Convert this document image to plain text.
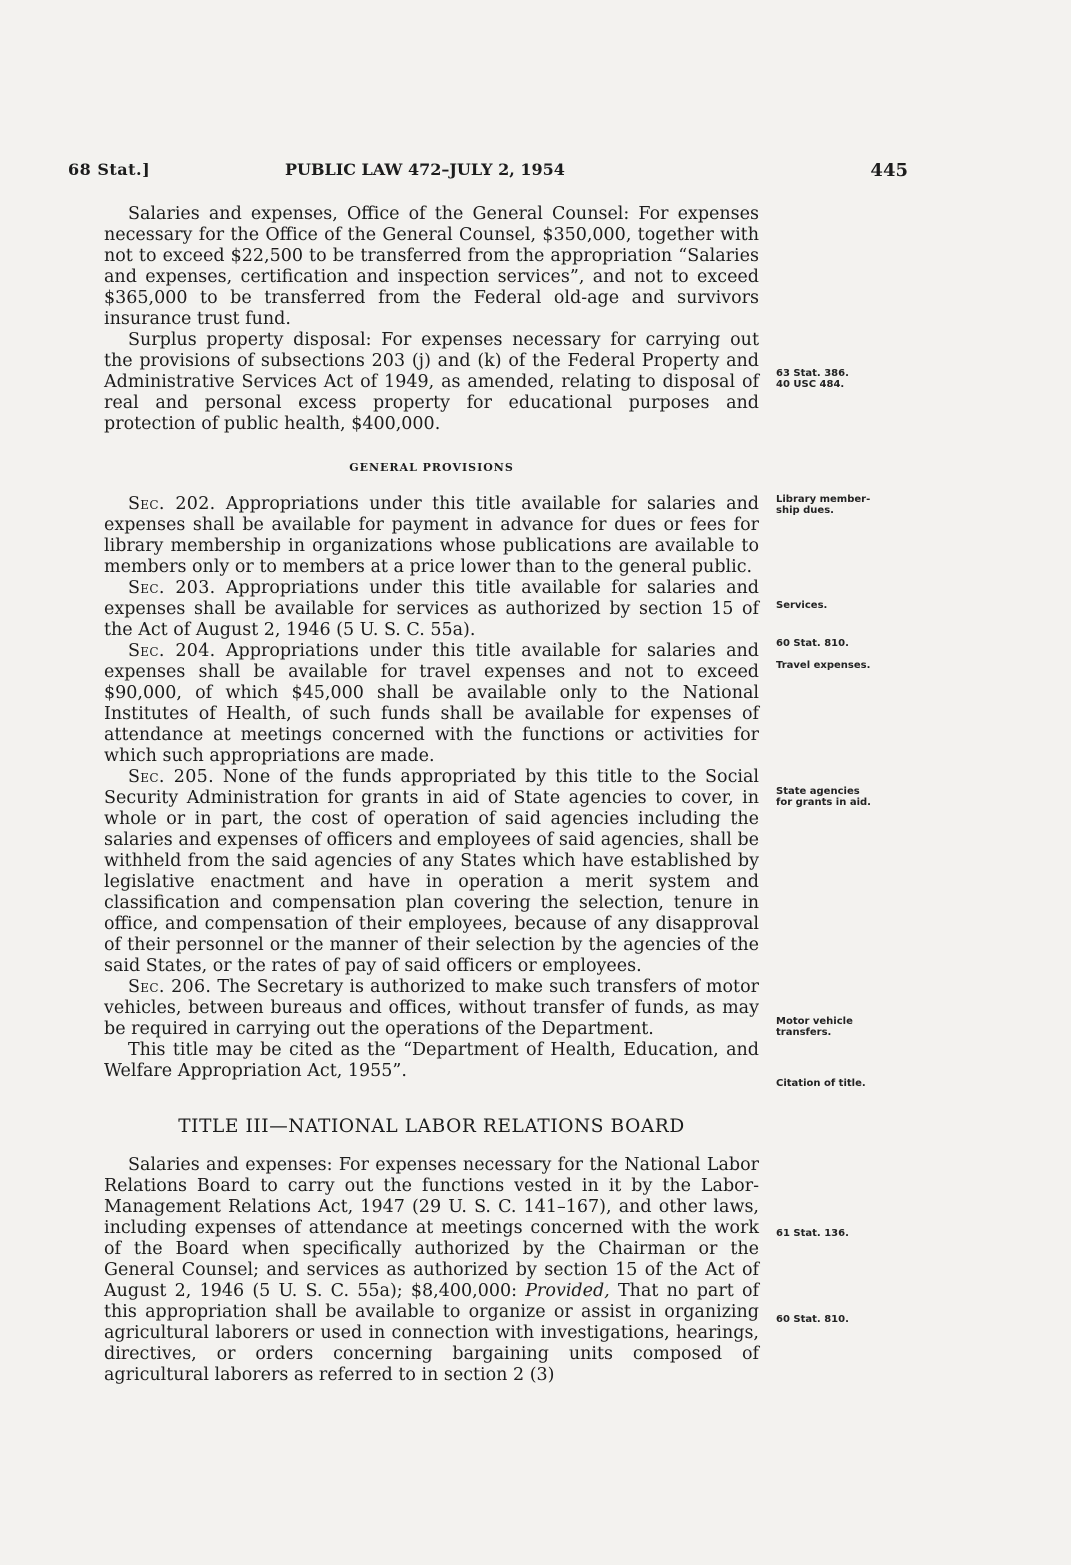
68 Stat.]	PUBLIC LAW 472–JULY 2, 1954	445

Salaries and expenses, Office of the General Counsel: For expenses necessary for the Office of the General Counsel, $350,000, together with not to exceed $22,500 to be transferred from the appropriation “Salaries and expenses, certification and inspection services”, and not to exceed $365,000 to be transferred from the Federal old-age and survivors insurance trust fund.

Surplus property disposal: For expenses necessary for carrying out the provisions of subsections 203 (j) and (k) of the Federal Property and Administrative Services Act of 1949, as amended, relating to disposal of real and personal excess property for educational purposes and protection of public health, $400,000.

GENERAL PROVISIONS

Sec. 202. Appropriations under this title available for salaries and expenses shall be available for payment in advance for dues or fees for library membership in organizations whose publications are available to members only or to members at a price lower than to the general public.

Sec. 203. Appropriations under this title available for salaries and expenses shall be available for services as authorized by section 15 of the Act of August 2, 1946 (5 U. S. C. 55a).

Sec. 204. Appropriations under this title available for salaries and expenses shall be available for travel expenses and not to exceed $90,000, of which $45,000 shall be available only to the National Institutes of Health, of such funds shall be available for expenses of attendance at meetings concerned with the functions or activities for which such appropriations are made.

Sec. 205. None of the funds appropriated by this title to the Social Security Administration for grants in aid of State agencies to cover, in whole or in part, the cost of operation of said agencies including the salaries and expenses of officers and employees of said agencies, shall be withheld from the said agencies of any States which have established by legislative enactment and have in operation a merit system and classification and compensation plan covering the selection, tenure in office, and compensation of their employees, because of any disapproval of their personnel or the manner of their selection by the agencies of the said States, or the rates of pay of said officers or employees.

Sec. 206. The Secretary is authorized to make such transfers of motor vehicles, between bureaus and offices, without transfer of funds, as may be required in carrying out the operations of the Department.

This title may be cited as the “Department of Health, Education, and Welfare Appropriation Act, 1955”.

TITLE III—NATIONAL LABOR RELATIONS BOARD

Salaries and expenses: For expenses necessary for the National Labor Relations Board to carry out the functions vested in it by the Labor-Management Relations Act, 1947 (29 U. S. C. 141–167), and other laws, including expenses of attendance at meetings concerned with the work of the Board when specifically authorized by the Chairman or the General Counsel; and services as authorized by section 15 of the Act of August 2, 1946 (5 U. S. C. 55a); $8,400,000: Provided, That no part of this appropriation shall be available to organize or assist in organizing agricultural laborers or used in connection with investigations, hearings, directives, or orders concerning bargaining units composed of agricultural laborers as referred to in section 2 (3)

63 Stat. 386.
40 USC 484.
Library member-
ship dues.
Services.
60 Stat. 810.
Travel expenses.
State agencies
for grants in aid.
Motor vehicle
transfers.
Citation of title.
61 Stat. 136.
60 Stat. 810.
